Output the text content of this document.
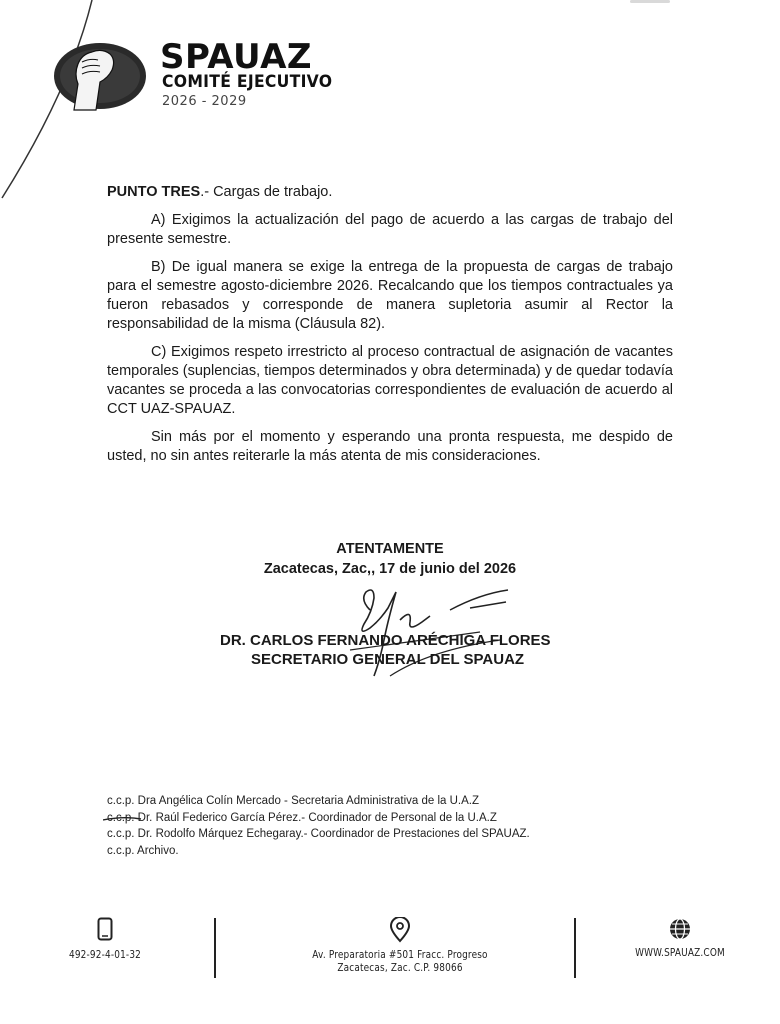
SPAUAZ
COMITÉ EJECUTIVO
2026 - 2029

PUNTO TRES.- Cargas de trabajo.

A) Exigimos la actualización del pago de acuerdo a las cargas de trabajo del presente semestre.

B) De igual manera se exige la entrega de la propuesta de cargas de trabajo para el semestre agosto-diciembre 2026. Recalcando que los tiempos contractuales ya fueron rebasados y corresponde de manera supletoria asumir al Rector la responsabilidad de la misma (Cláusula 82).

C) Exigimos respeto irrestricto al proceso contractual de asignación de vacantes temporales (suplencias, tiempos determinados y obra determinada) y de quedar todavía vacantes se proceda a las convocatorias correspondientes de evaluación de acuerdo al CCT UAZ-SPAUAZ.

Sin más por el momento y esperando una pronta respuesta, me despido de usted, no sin antes reiterarle la más atenta de mis consideraciones.

ATENTAMENTE
Zacatecas, Zac,, 17 de junio del 2026
DR. CARLOS FERNANDO ARÉCHIGA FLORES
SECRETARIO GENERAL DEL SPAUAZ
c.c.p. Dra Angélica Colín Mercado - Secretaria Administrativa de la U.A.Z
c.c.p. Dr. Raúl Federico García Pérez.- Coordinador de Personal de la U.A.Z
c.c.p. Dr. Rodolfo Márquez Echegaray.- Coordinador de Prestaciones del SPAUAZ.
c.c.p. Archivo.
492-92-4-01-32	Av. Preparatoria #501 Fracc. Progreso
Zacatecas, Zac. C.P. 98066
WWW.SPAUAZ.COM
